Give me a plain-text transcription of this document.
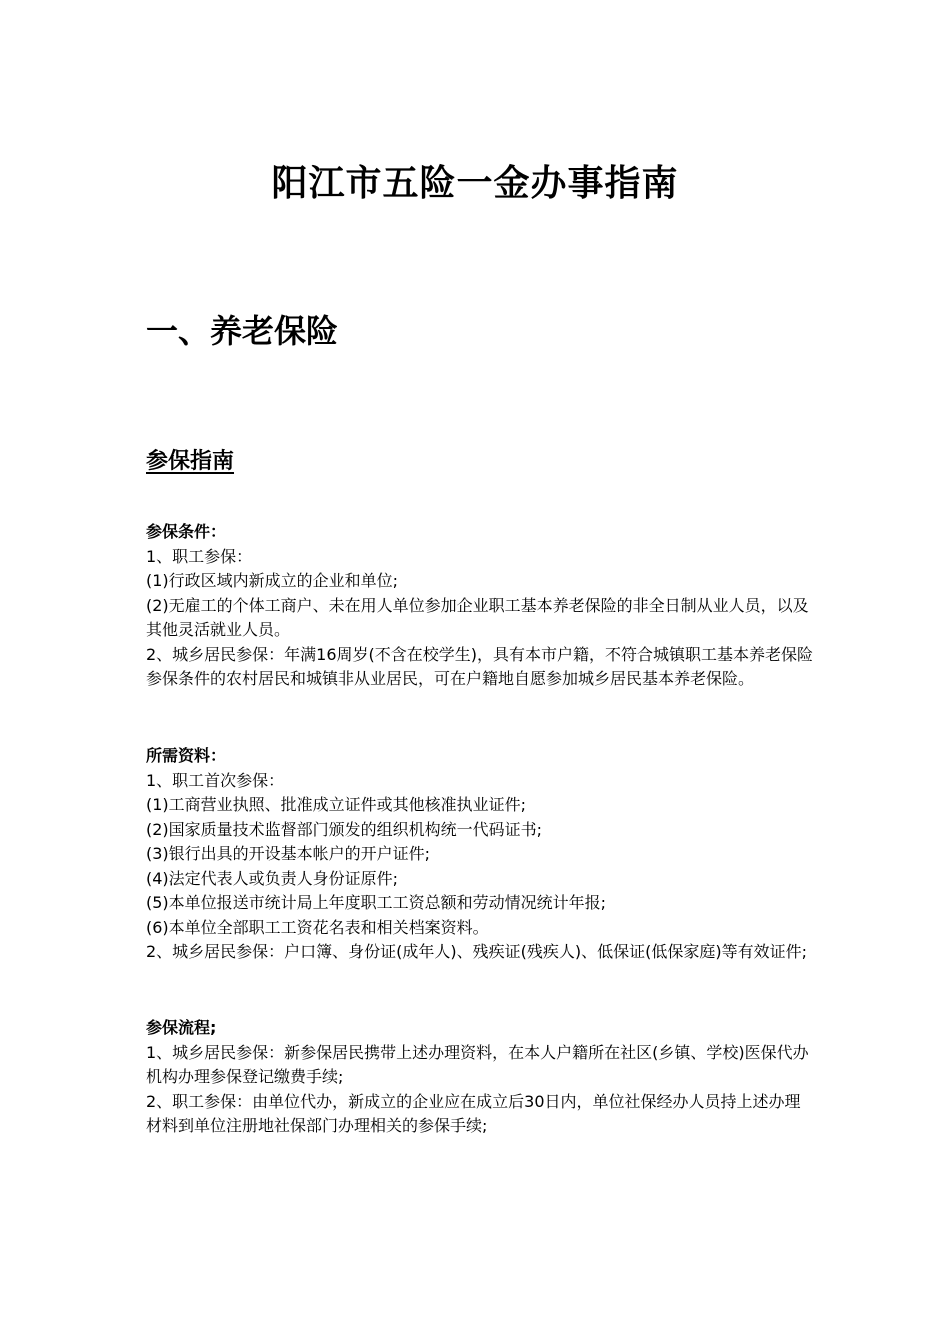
阳江市五险一金办事指南
一、养老保险
参保指南
参保条件：
1、职工参保：
(1)行政区域内新成立的企业和单位;
(2)无雇工的个体工商户、未在用人单位参加企业职工基本养老保险的非全日制从业人员，以及其他灵活就业人员。
2、城乡居民参保：年满16周岁(不含在校学生)，具有本市户籍，不符合城镇职工基本养老保险参保条件的农村居民和城镇非从业居民，可在户籍地自愿参加城乡居民基本养老保险。
所需资料：
1、职工首次参保：
(1)工商营业执照、批准成立证件或其他核准执业证件;
(2)国家质量技术监督部门颁发的组织机构统一代码证书;
(3)银行出具的开设基本帐户的开户证件;
(4)法定代表人或负责人身份证原件;
(5)本单位报送市统计局上年度职工工资总额和劳动情况统计年报;
(6)本单位全部职工工资花名表和相关档案资料。
2、城乡居民参保：户口簿、身份证(成年人)、残疾证(残疾人)、低保证(低保家庭)等有效证件;
参保流程;
1、城乡居民参保：新参保居民携带上述办理资料，在本人户籍所在社区(乡镇、学校)医保代办机构办理参保登记缴费手续;
2、职工参保：由单位代办，新成立的企业应在成立后30日内，单位社保经办人员持上述办理材料到单位注册地社保部门办理相关的参保手续;
